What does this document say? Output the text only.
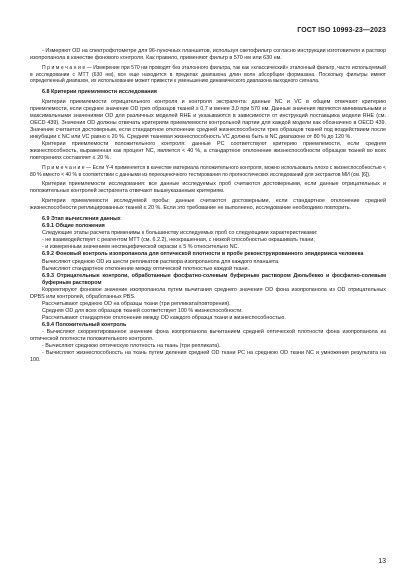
ГОСТ ISO 10993-23—2023

- Измеряют OD на спектрофотометре для 96-луночных планшетов, используя светофильтр согласно инструкции изготовителя и раствор изопропанола в качестве фонового контроля. Как правило, применяют фильтр в 570 нм или 630 нм.

П р и м е ч а н и е — Измерение при 570 нм проводят без эталонного фильтра, так как «классический» эталонный фильтр, часто используемый в исследовании с МТТ (630 нм), все еще находится в пределах диапазона длин волн абсорбции формазана. Поскольку фильтры имеют определенный диапазон, их использование может привести к уменьшению динамического диапазона выходного сигнала.

6.8 Критерии приемлемости исследования

Критерии приемлемости отрицательного контроля и контроля экстрагента: данные NC и VC в общем отвечают критерию приемлемости, если среднее значение OD грех образцов тканей ≥ 0,7 и менее 3,0 при 570 нм. Данные значения являются минимальными и максимальными значениями OD для различных моделей RHE и указываются в зависимости от инструкций поставщика модели RHE (см. OECD 439). Значения OD должны отвечать критериям приемлемости контрольной партии для каждой модели как обозначено в OECD 439. Значение считается достоверным, если стандартное отклонение средней жизнеспособности трех образцов тканей под воздействием после инкубации с NC или VC равно ≤ 20 %. Средняя тканевая жизнеспособность VC должна быть в NC диапазоне от 80 % до 120 %.

Критерии приемлемости положительного контроля: данные PC соответствуют критерию приемлемости, если средняя жизнеспособность, выраженная как процент NC, является < 40 %, а стандартное отклонение жизнеспособности образцов тканей во всех повторениях составляет ≤ 20 %.

П р и м е ч а н и е — Если Y-4 применяется в качестве материала положительного контроля, можно использовать плохо с жизнеспособностью < 80 % вместо < 40 % в соответствии с данными из переоценочного тестирования по прогностических исследований для экстрактов МИ (см. [6]).

Критерии приемлемости исследования: все данные исследуемых проб считаются достоверными, если данные отрицательных и положительных контролей экстрагента отвечают вышеуказанным критериям.

Критерии приемлемости исследуемой пробы: данные считаются достоверными, если стандартное отклонение средней жизнеспособности реплицированных тканей ≤ 20 %. Если это требование не выполнено, исследование необходимо повторить.

6.9 Этап вычисления данных

6.9.1 Общие положения

Следующие этапы расчета применимы к большинству исследуемых проб со следующими характеристиками:

- не взаимодействует с реагентом МТТ (см. 6.2.2), неокрашенная, с низкой способностью окрашивать ткани;

- и измеренным значением неспецифической окраски ≤ 5 % относительно NC.

6.9.2 Фоновый контроль изопропанола для оптической плотности в пробе реконструированного эпидермиса человека

Вычисляют среднюю OD из шести репликатов раствора изопропанола для каждого планшета.

Вычисляют стандартное отклонение между оптической плотностью каждой ткани.

6.9.3 Отрицательные контроли, обработанные фосфатно-солевым буферным раствором Дюльбекко и фосфатно-солевым буферным раствором

Корректируют фоновое значение изопропанола путем вычитания среднего значения OD фона изопропанола из OD отрицательных DPBS или контролей, обработанных PBS.

Рассчитывают среднюю OD на образцы ткани (три репликата/повторения).

Средняя OD для всех образцов тканей соответствует 100 % жизнеспособности.

Рассчитывают стандартное отклонение между OD каждого образца ткани и жизнеспособностью.

6.9.4 Положительный контроль

- Вычисляют скорректированное значение фона изопропанола вычитанием средней оптической плотности фона изопропанола из оптической плотности положительного контроля.

- Вычисляют среднюю оптическую плотность на ткань (три репликата).

- Вычисляют жизнеспособность на ткань путем деления средней OD ткани PC на среднюю OD ткани NC и умножения результата на 100.

13
